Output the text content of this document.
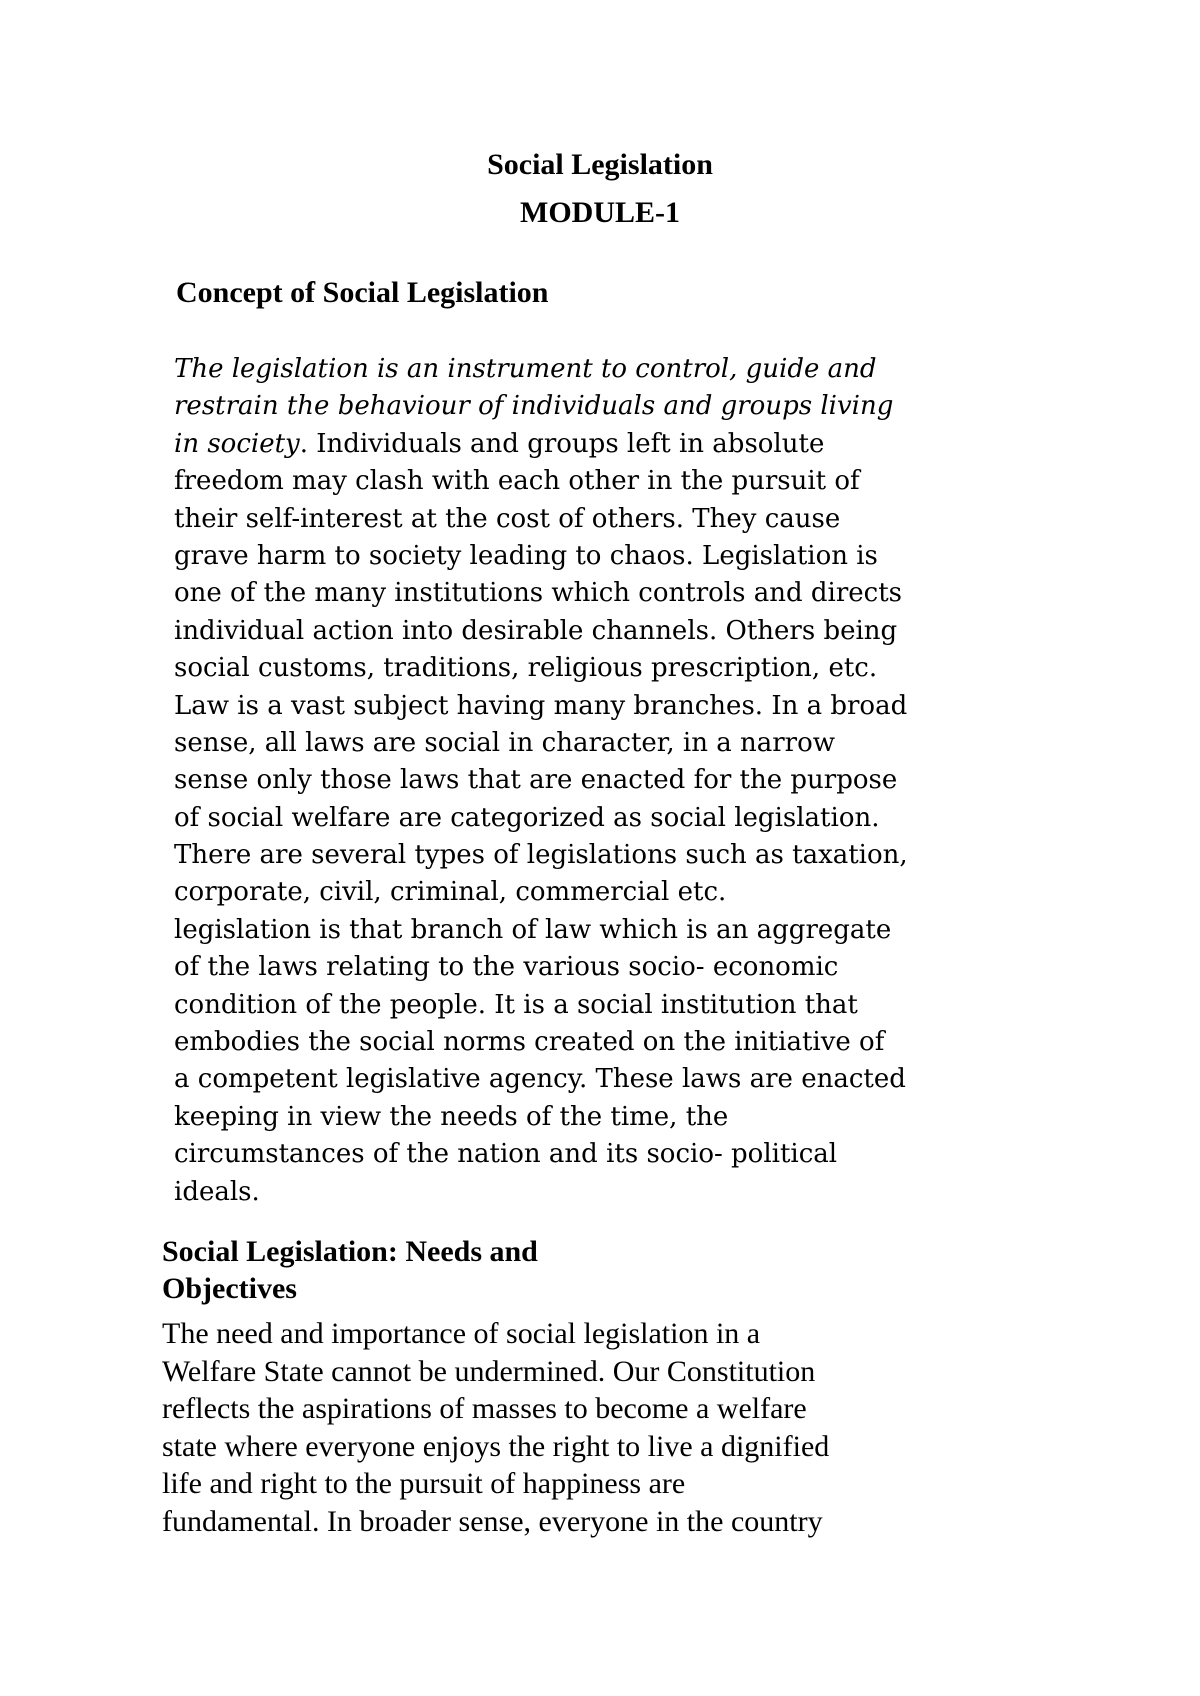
Social Legislation
MODULE-1
Concept of Social Legislation
The legislation is an instrument to control, guide and
restrain the behaviour of individuals and groups living
in society. Individuals and groups left in absolute
freedom may clash with each other in the pursuit of
their self-interest at the cost of others. They cause
grave harm to society leading to chaos. Legislation is
one of the many institutions which controls and directs
individual action into desirable channels. Others being
social customs, traditions, religious prescription, etc.
Law is a vast subject having many branches. In a broad
sense, all laws are social in character, in a narrow
sense only those laws that are enacted for the purpose
of social welfare are categorized as social legislation.
There are several types of legislations such as taxation,
corporate, civil, criminal, commercial etc.
legislation is that branch of law which is an aggregate
of the laws relating to the various socio- economic
condition of the people. It is a social institution that
embodies the social norms created on the initiative of
a competent legislative agency. These laws are enacted
keeping in view the needs of the time, the
circumstances of the nation and its socio- political
ideals.
Social Legislation: Needs and
Objectives
The need and importance of social legislation in a
Welfare State cannot be undermined. Our Constitution
reflects the aspirations of masses to become a welfare
state where everyone enjoys the right to live a dignified
life and right to the pursuit of happiness are
fundamental. In broader sense, everyone in the country
